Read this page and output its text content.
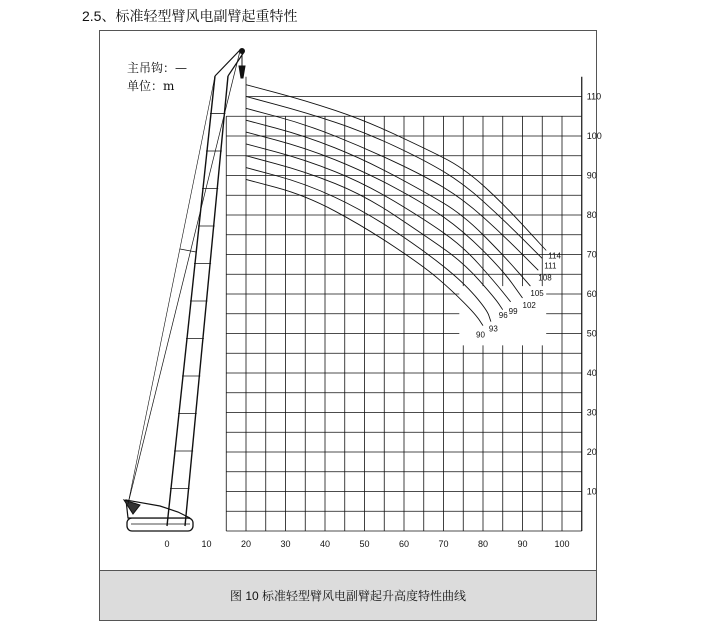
2.5、标准轻型臂风电副臂起重特性
主吊钩：—
单位：m
0	10	20	30	40	50	60	70	80	90	100
10
20
30
40
50
60
70
80
90
100
110
90
93
96 99
102
105
108
111
114
图 10 标准轻型臂风电副臂起升高度特性曲线
